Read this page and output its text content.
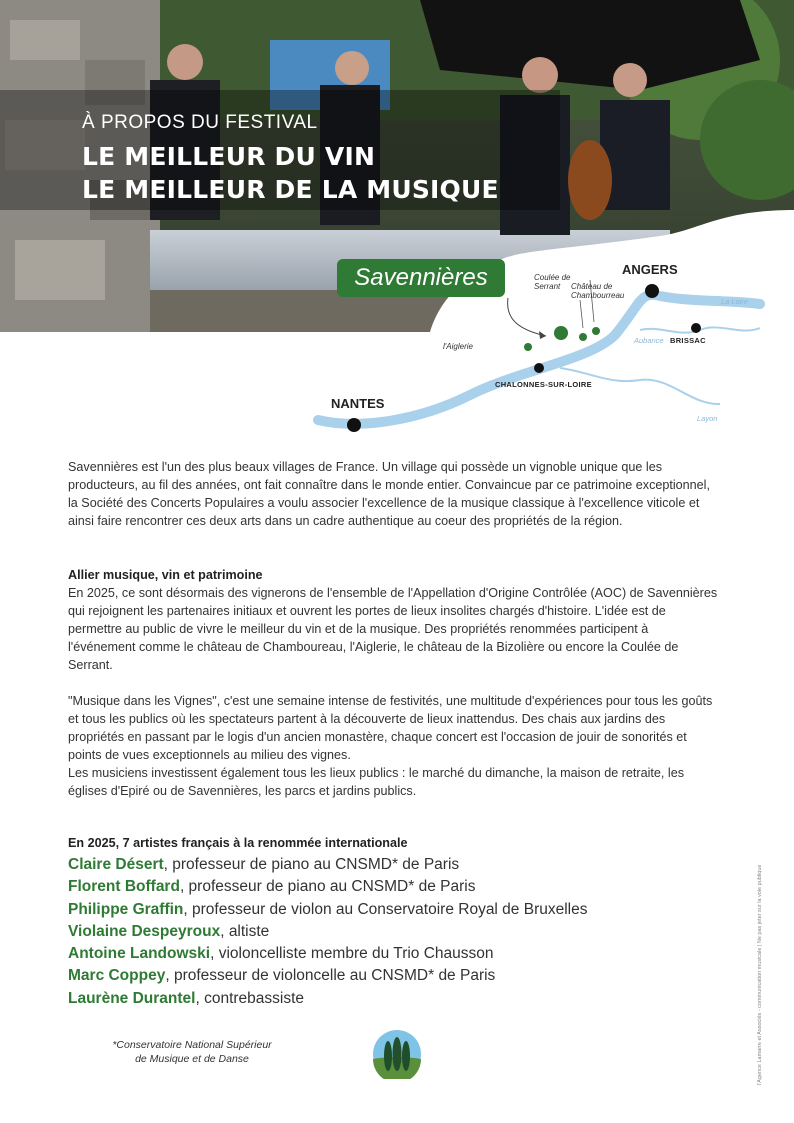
À PROPOS DU FESTIVAL
LE MEILLEUR DU VIN
LE MEILLEUR DE LA MUSIQUE
Savennières	ANGERS
NANTES
BRISSAC
CHALONNES-SUR-LOIRE
Coulée de Serrant	Château de Chambourreau
l'Aiglerie
La Loire
Aubance
Layon

Savennières est l'un des plus beaux villages de France. Un village qui possède un vignoble unique que les producteurs, au fil des années, ont fait connaître dans le monde entier. Convaincue par ce patrimoine exceptionnel, la Société des Concerts Populaires a voulu associer l'excellence de la musique classique à l'excellence viticole et ainsi faire rencontrer ces deux arts dans un cadre authentique au coeur des propriétés de la région.

Allier musique, vin et patrimoine

En 2025, ce sont désormais des vignerons de l'ensemble de l'Appellation d'Origine Contrôlée (AOC) de Savennières qui rejoignent les partenaires initiaux et ouvrent les portes de lieux insolites chargés d'histoire. L'idée est de permettre au public de vivre le meilleur du vin et de la musique. Des propriétés renommées participent à l'événement comme le château de Chamboureau, l'Aiglerie, le château de la Bizolière ou encore la Coulée de Serrant.

"Musique dans les Vignes", c'est une semaine intense de festivités, une multitude d'expériences pour tous les goûts et tous les publics où les spectateurs partent à la découverte de lieux inattendus. Des chais aux jardins des propriétés en passant par le logis d'un ancien monastère, chaque concert est l'occasion de jouir de sonorités et points de vues exceptionnels au milieu des vignes.

Les musiciens investissent également tous les lieux publics : le marché du dimanche, la maison de retraite, les églises d'Epiré ou de Savennières, les parcs et jardins publics.

En 2025, 7 artistes français à la renommée internationale
Claire Désert, professeur de piano au CNSMD* de Paris
Florent Boffard, professeur de piano au CNSMD* de Paris
Philippe Graffin, professeur de violon au Conservatoire Royal de Bruxelles
Violaine Despeyroux, altiste
Antoine Landowski, violoncelliste membre du Trio Chausson
Marc Coppey, professeur de violoncelle au CNSMD* de Paris
Laurène Durantel, contrebassiste
*Conservatoire National Supérieur
de Musique et de Danse	l'Agence Lamarre et Associés - communication musicale | Ne pas jeter sur la voie publique
